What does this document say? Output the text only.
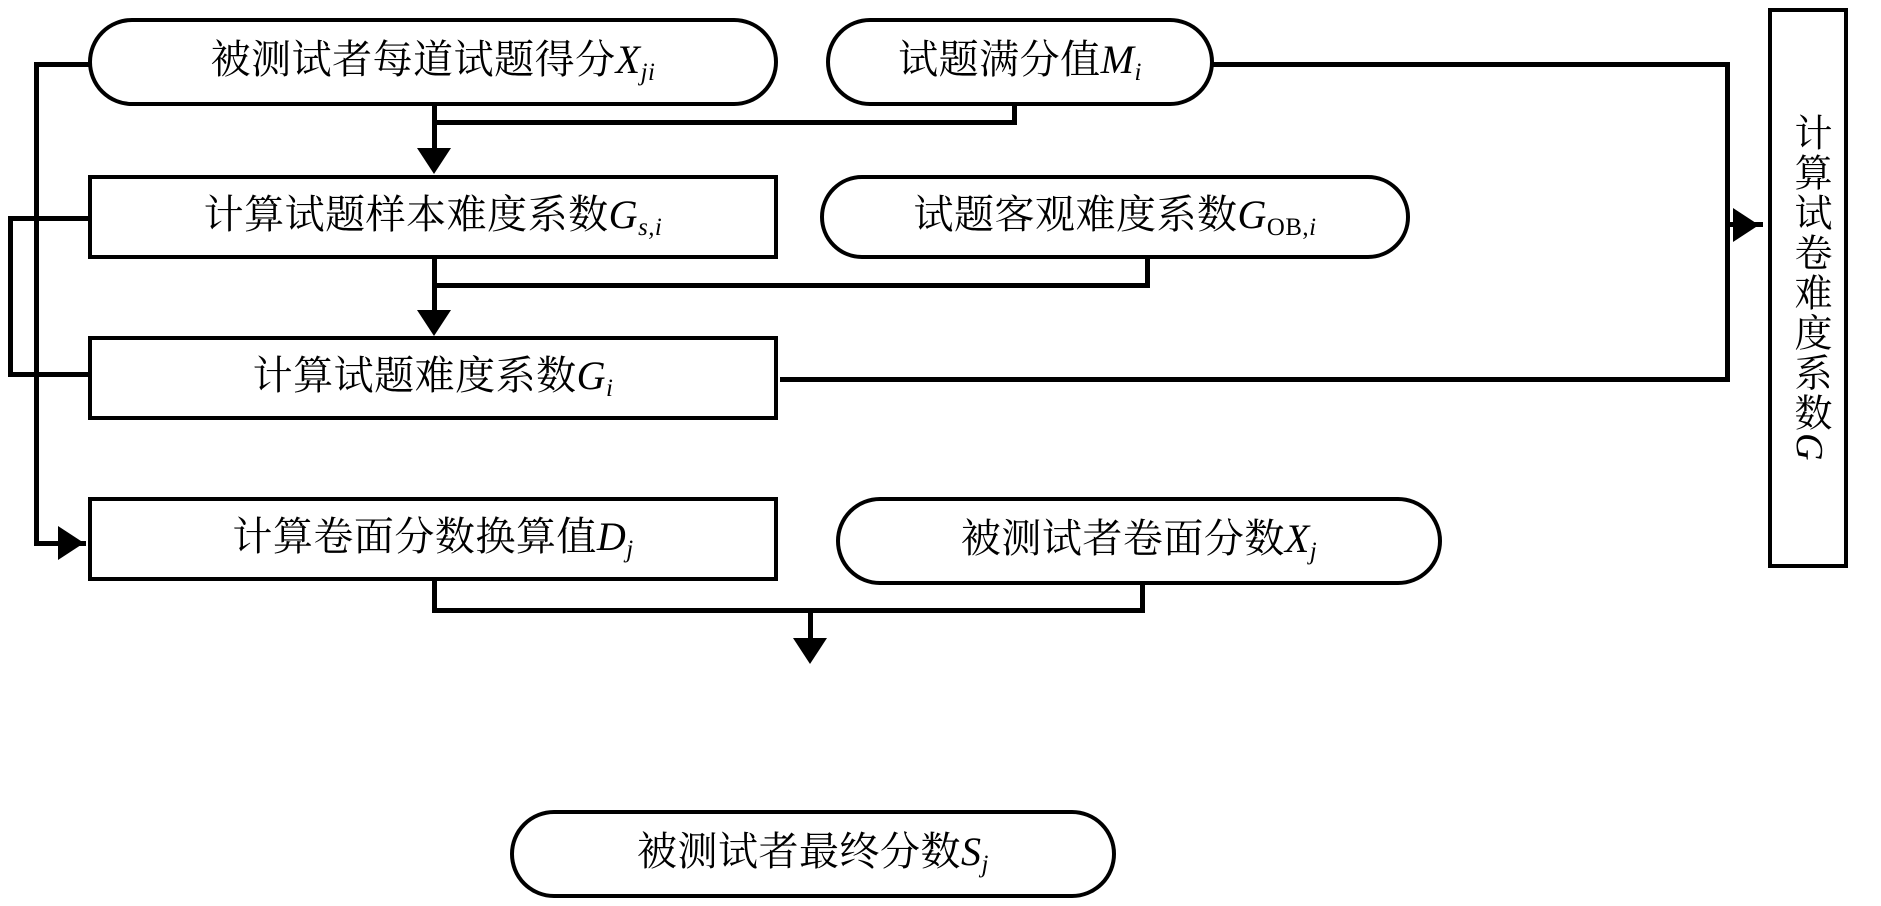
被测试者每道试题得分$X_{ji}$	试题满分值$M_i$
计算试题样本难度系数$G_{s,i}$	试题客观难度系数$G_{OB,i}$
计算试题难度系数$G_i$
计算卷面分数换算值$D_j$	被测试者卷面分数$X_j$
被测试者最终分数$S_j$
计算试卷难度系数G
